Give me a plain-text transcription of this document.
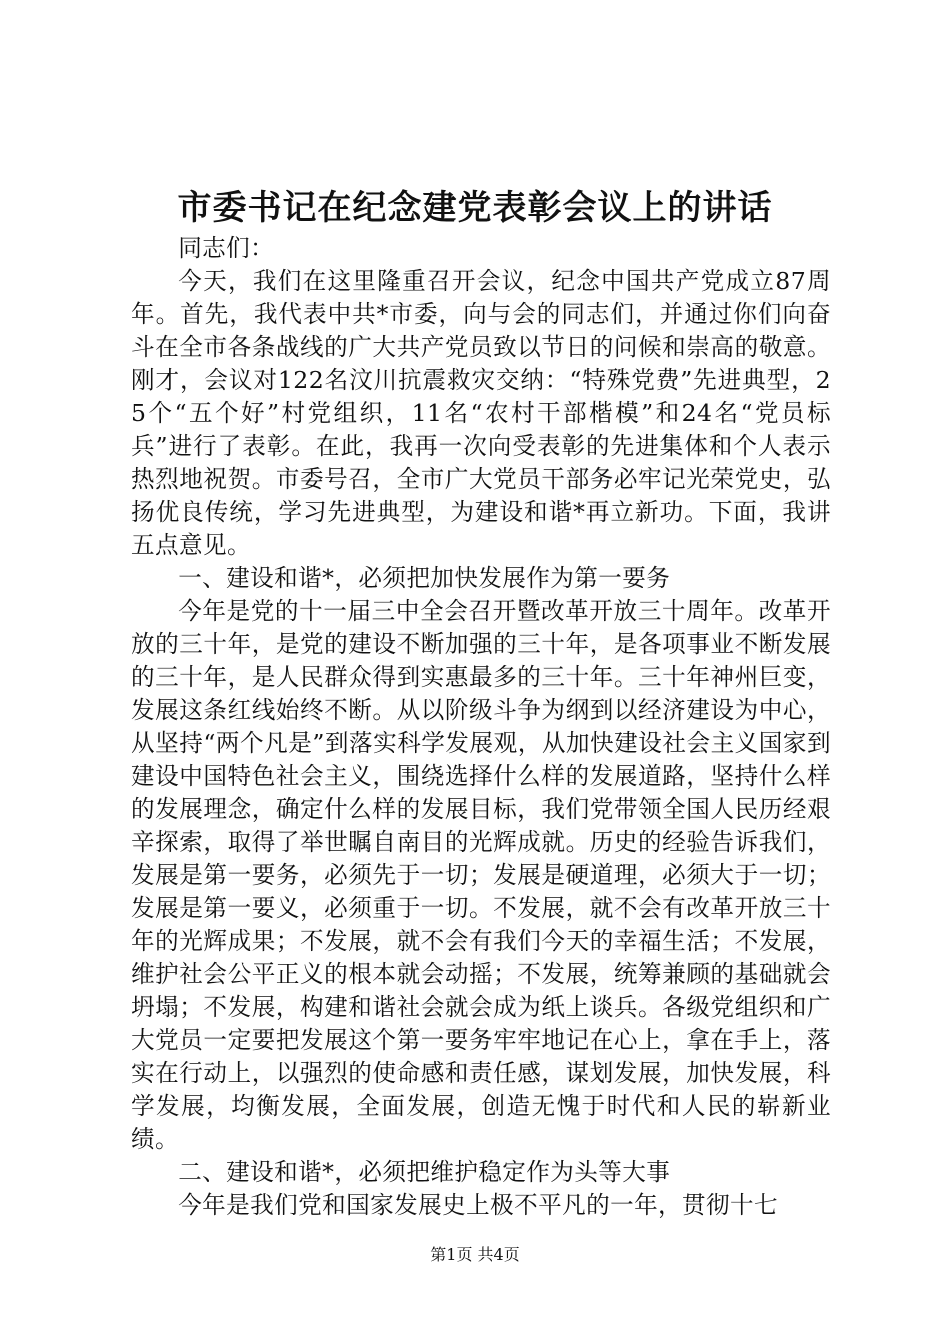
市委书记在纪念建党表彰会议上的讲话

同志们：

今天，我们在这里隆重召开会议，纪念中国共产党成立87周年。首先，我代表中共*市委，向与会的同志们，并通过你们向奋斗在全市各条战线的广大共产党员致以节日的问候和崇高的敬意。刚才，会议对122名汶川抗震救灾交纳：“特殊党费”先进典型，25个“五个好”村党组织，11名“农村干部楷模”和24名“党员标兵”进行了表彰。在此，我再一次向受表彰的先进集体和个人表示热烈地祝贺。市委号召，全市广大党员干部务必牢记光荣党史，弘扬优良传统，学习先进典型，为建设和谐*再立新功。下面，我讲五点意见。

一、建设和谐*，必须把加快发展作为第一要务

今年是党的十一届三中全会召开暨改革开放三十周年。改革开放的三十年，是党的建设不断加强的三十年，是各项事业不断发展的三十年，是人民群众得到实惠最多的三十年。三十年神州巨变，发展这条红线始终不断。从以阶级斗争为纲到以经济建设为中心，从坚持“两个凡是”到落实科学发展观，从加快建设社会主义国家到建设中国特色社会主义，围绕选择什么样的发展道路，坚持什么样的发展理念，确定什么样的发展目标，我们党带领全国人民历经艰辛探索，取得了举世瞩自南目的光辉成就。历史的经验告诉我们，发展是第一要务，必须先于一切；发展是硬道理，必须大于一切；发展是第一要义，必须重于一切。不发展，就不会有改革开放三十年的光辉成果；不发展，就不会有我们今天的幸福生活；不发展，维护社会公平正义的根本就会动摇；不发展，统筹兼顾的基础就会坍塌；不发展，构建和谐社会就会成为纸上谈兵。各级党组织和广大党员一定要把发展这个第一要务牢牢地记在心上，拿在手上，落实在行动上，以强烈的使命感和责任感，谋划发展，加快发展，科学发展，均衡发展，全面发展，创造无愧于时代和人民的崭新业绩。

二、建设和谐*，必须把维护稳定作为头等大事

今年是我们党和国家发展史上极不平凡的一年，贯彻十七

第1页 共4页
